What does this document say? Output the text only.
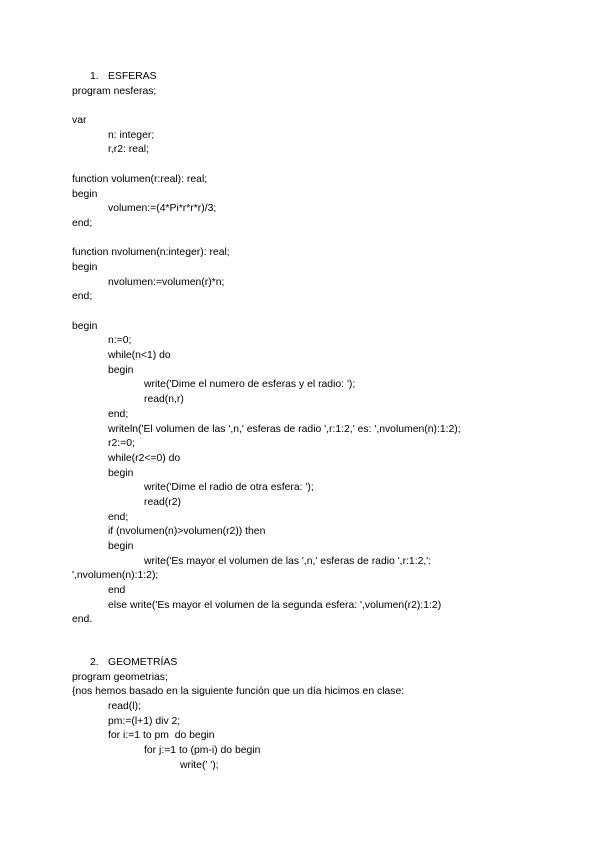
1. ESFERAS
program nesferas;
var
n: integer;
r,r2: real;
function volumen(r:real): real;
begin
volumen:=(4*Pi*r*r*r)/3;
end;
function nvolumen(n:integer): real;
begin
nvolumen:=volumen(r)*n;
end;
begin
n:=0;
while(n<1) do
begin
write('Dime el numero de esferas y el radio: ');
read(n,r)
end;
writeln('El volumen de las ',n,' esferas de radio ',r:1:2,' es: ',nvolumen(n):1:2);
r2:=0;
while(r2<=0) do
begin
write('Dime el radio de otra esfera: ');
read(r2)
end;
if (nvolumen(n)>volumen(r2)) then
begin
write('Es mayor el volumen de las ',n,' esferas de radio ',r:1:2,':
',nvolumen(n):1:2);
end
else write('Es mayor el volumen de la segunda esfera: ',volumen(r2):1:2)
end.
2. GEOMETRÍAS
program geometrias;
{nos hemos basado en la siguiente función que un día hicimos en clase:
read(l);
pm:=(l+1) div 2;
for i:=1 to pm  do begin
for j:=1 to (pm-i) do begin
write(' ');
